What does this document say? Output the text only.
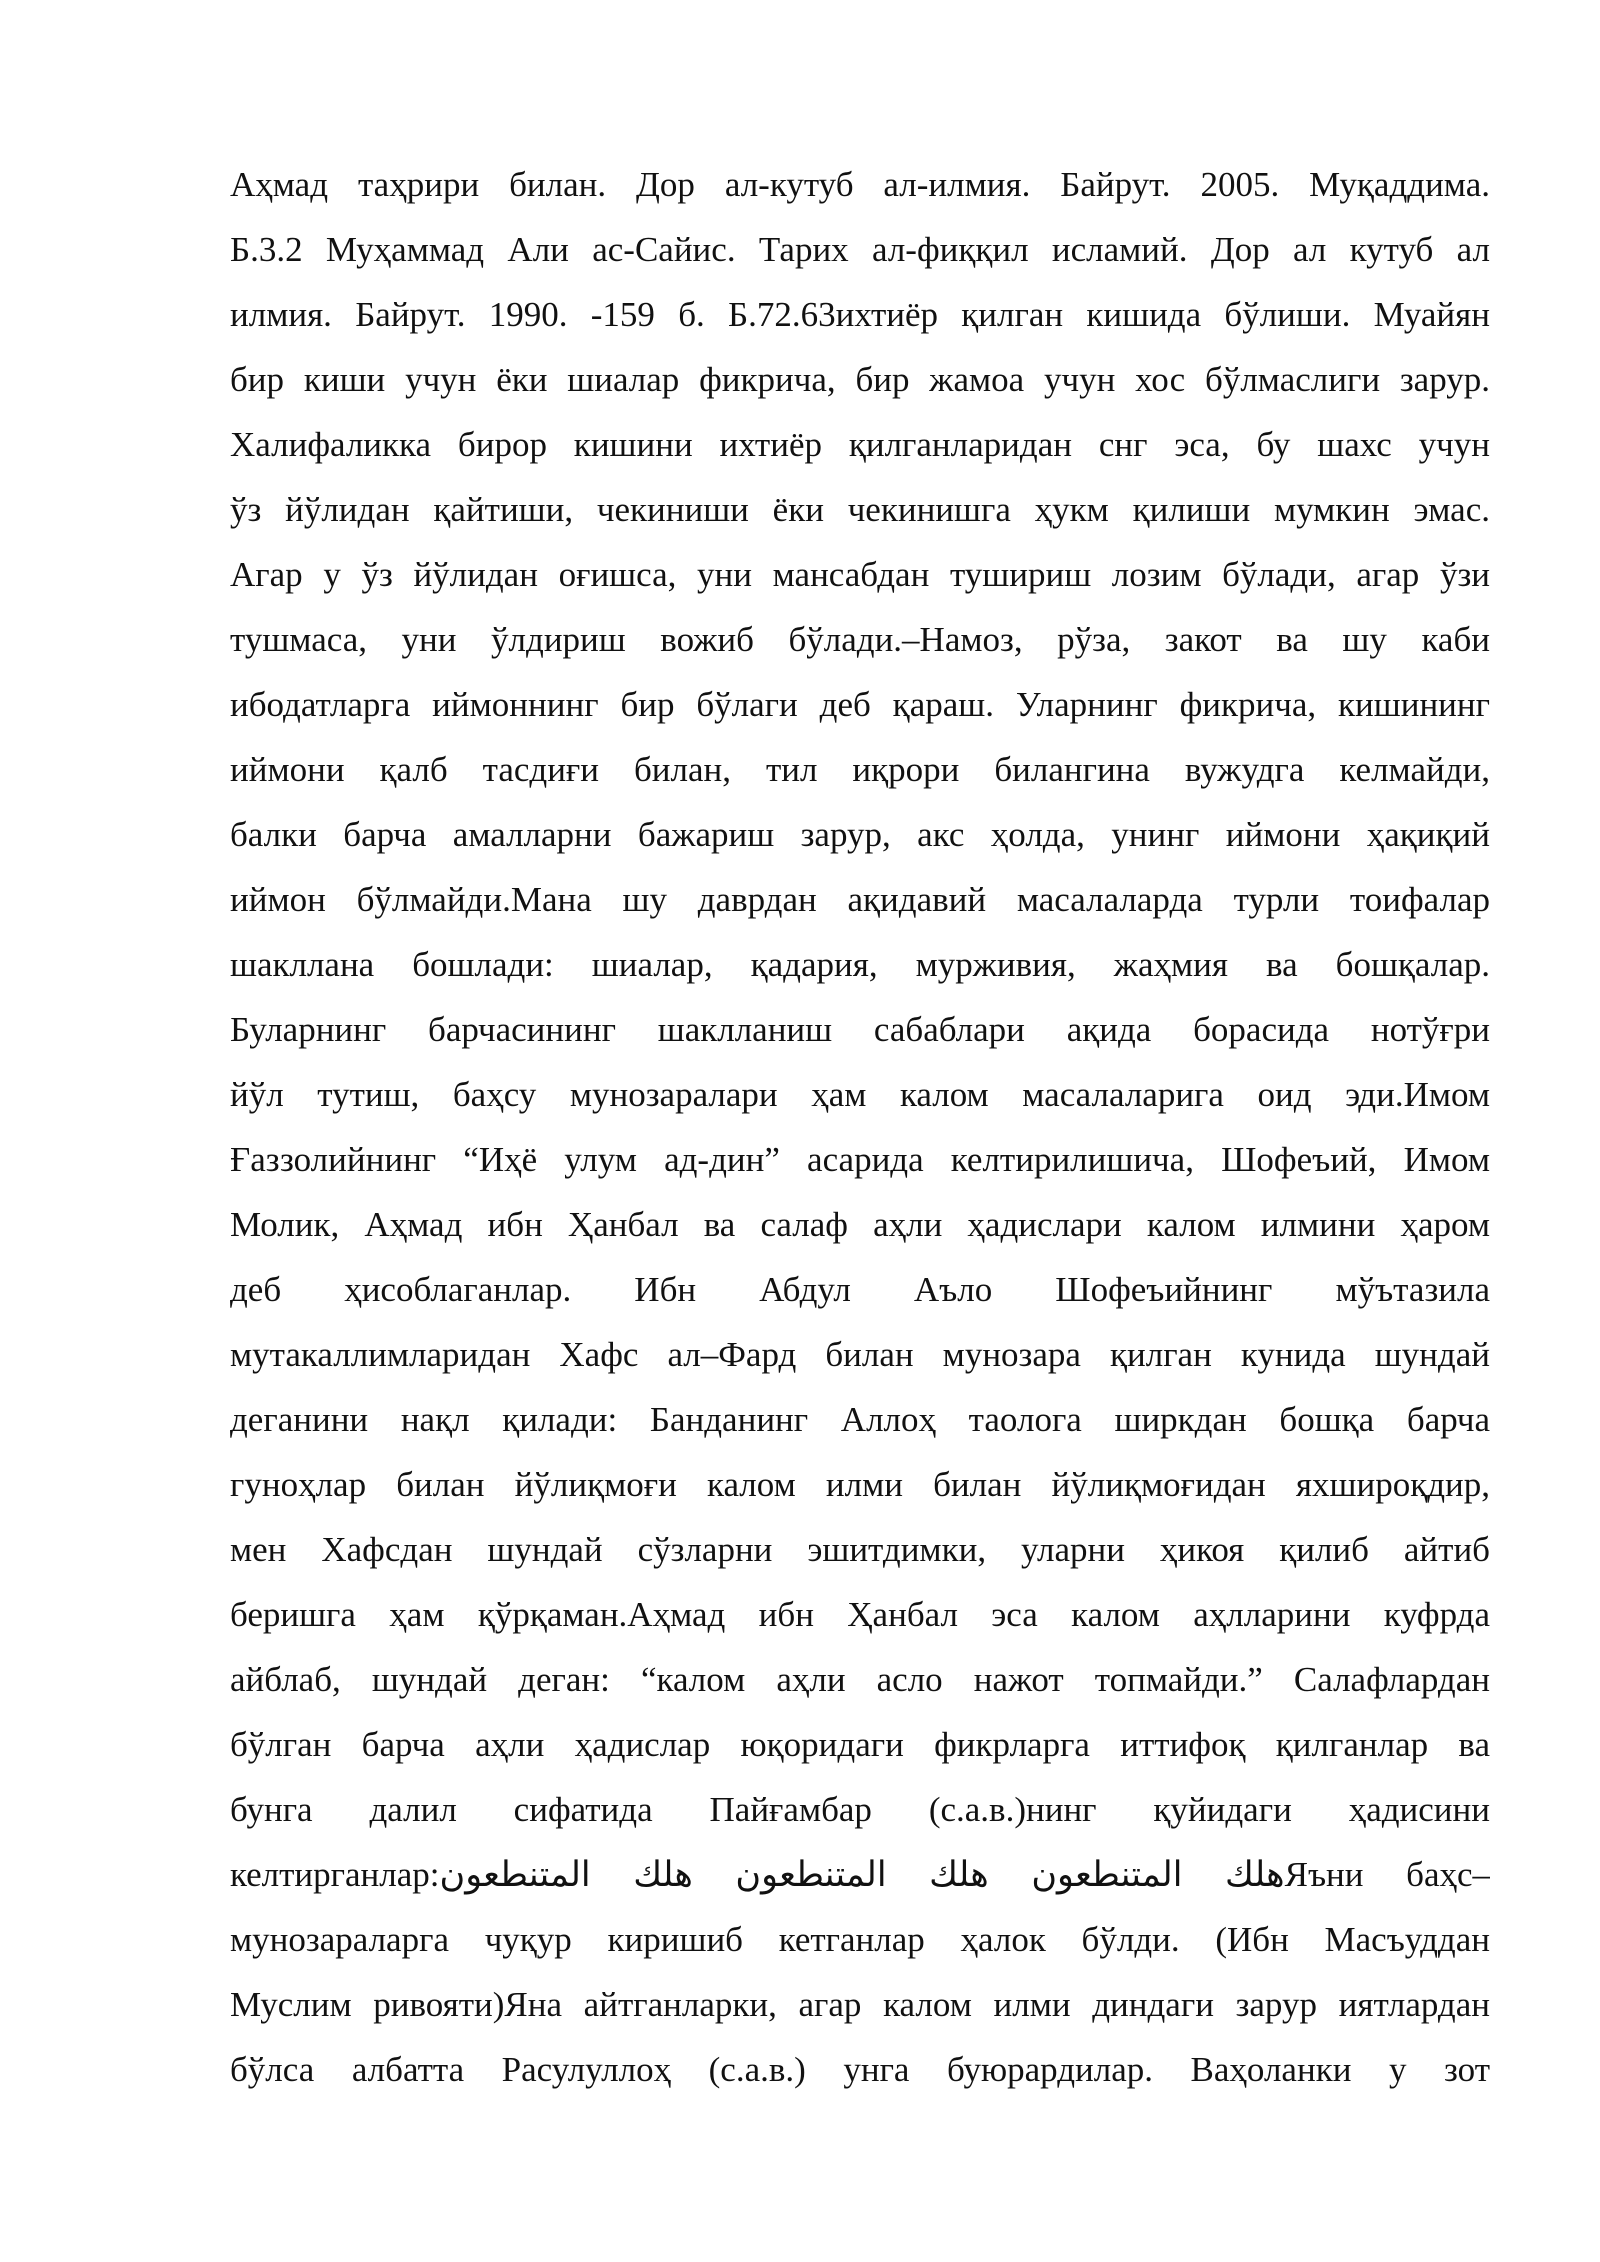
Аҳмад таҳрири билан. Дор ал-кутуб ал-илмия. Байрут. 2005. Муқаддима.
Б.3.2 Муҳаммад Али ас-Сайис. Тарих ал-фиққил исламий. Дор ал кутуб ал
илмия. Байрут. 1990. -159 б. Б.72.63ихтиёр қилган кишида бўлиши. Муайян
бир киши учун ёки шиалар фикрича, бир жамоа учун хос бўлмаслиги зарур.
Халифаликка бирор кишини ихтиёр қилганларидан снг эса, бу шахс учун
ўз йўлидан қайтиши, чекиниши ёки чекинишга ҳукм қилиши мумкин эмас.
Агар у ўз йўлидан оғишса, уни мансабдан тушириш лозим бўлади, агар ўзи
тушмаса, уни ўлдириш вожиб бўлади.–Намоз, рўза, закот ва шу каби
ибодатларга иймоннинг бир бўлаги деб қараш. Уларнинг фикрича, кишининг
иймони қалб тасдиғи билан, тил иқрори билангина вужудга келмайди,
балки барча амалларни бажариш зарур, акс ҳолда, унинг иймони ҳақиқий
иймон бўлмайди.Мана шу даврдан ақидавий масалаларда турли тоифалар
шакллана бошлади: шиалар, қадария, мурживия, жаҳмия ва бошқалар.
Буларнинг барчасининг шаклланиш сабаблари ақида борасида нотўғри
йўл тутиш, баҳсу мунозаралари ҳам калом масалаларига оид эди.Имом
Ғаззолийнинг “Иҳё улум ад-дин” асарида келтирилишича, Шофеъий, Имом
Молик, Аҳмад ибн Ҳанбал ва салаф аҳли ҳадислари калом илмини ҳаром
деб ҳисоблаганлар. Ибн Абдул Аъло Шофеъийнинг мўътазила
мутакаллимларидан Хафс ал–Фард билан мунозара қилган кунида шундай
деганини нақл қилади: Банданинг Аллоҳ таологa ширкдан бошқа барча
гуноҳлар билан йўлиқмоғи калом илми билан йўлиқмоғидан яхшироқдир,
мен Хафсдан шундай сўзларни эшитдимки, уларни ҳикоя қилиб айтиб
беришга ҳам қўрқаман.Аҳмад ибн Ҳанбал эса калом аҳлларини куфрда
айблаб, шундай деган: “калом аҳли асло нажот топмайди.” Салафлардан
бўлган барча аҳли ҳадислар юқоридаги фикрларга иттифоқ қилганлар ва
бунга далил сифатида Пайғамбар (с.а.в.)нинг қуйидаги ҳадисини
келтирганлар:هلك المتنطعون هلك المتنطعون هلك المتنطعونЯъни баҳс–
мунозараларга чуқур киришиб кетганлар ҳалок бўлди. (Ибн Масъуддан
Муслим ривояти)Яна айтганларки, агар калом илми диндаги зарур иятлардан
бўлса албатта Расулуллоҳ (с.а.в.) унга буюрардилар. Ваҳоланки у зот
